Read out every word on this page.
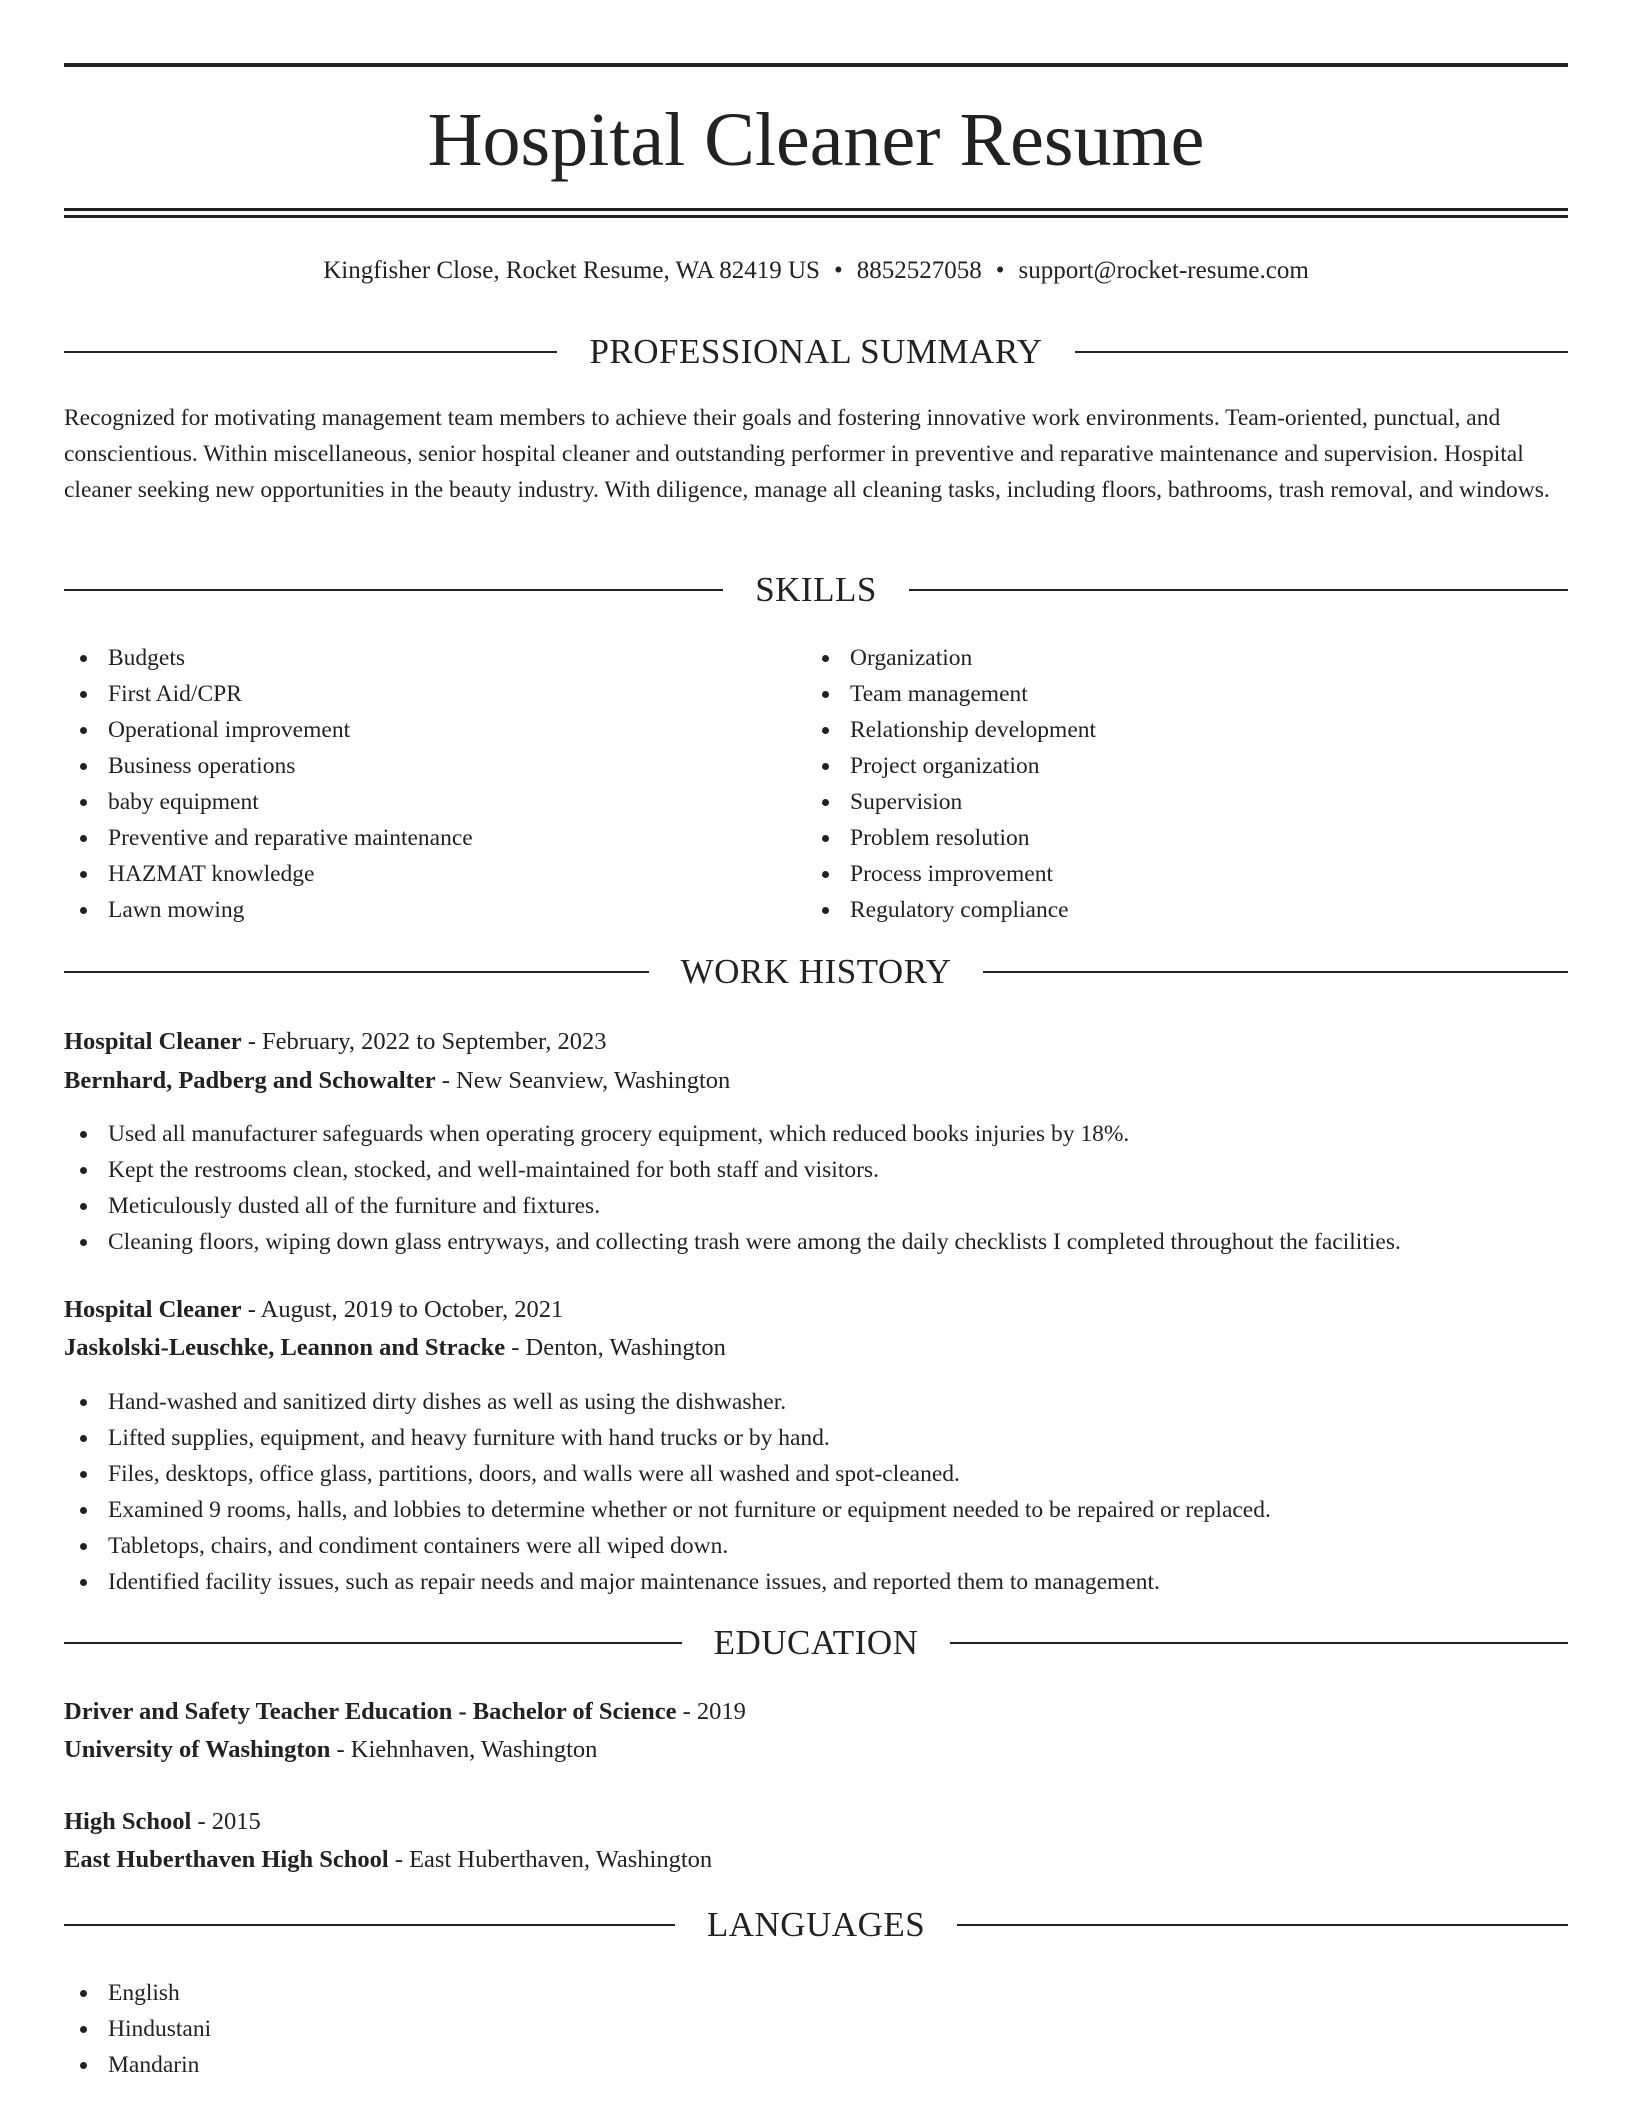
Hospital Cleaner Resume
Kingfisher Close, Rocket Resume, WA 82419 US • 8852527058 • support@rocket-resume.com
PROFESSIONAL SUMMARY

Recognized for motivating management team members to achieve their goals and fostering innovative work environments. Team-oriented, punctual, and conscientious. Within miscellaneous, senior hospital cleaner and outstanding performer in preventive and reparative maintenance and supervision. Hospital cleaner seeking new opportunities in the beauty industry. With diligence, manage all cleaning tasks, including floors, bathrooms, trash removal, and windows.

SKILLS
Budgets
First Aid/CPR
Operational improvement
Business operations
baby equipment
Preventive and reparative maintenance
HAZMAT knowledge
Lawn mowing
Organization
Team management
Relationship development
Project organization
Supervision
Problem resolution
Process improvement
Regulatory compliance
WORK HISTORY
Hospital Cleaner - February, 2022 to September, 2023
Bernhard, Padberg and Schowalter - New Seanview, Washington
Used all manufacturer safeguards when operating grocery equipment, which reduced books injuries by 18%.
Kept the restrooms clean, stocked, and well-maintained for both staff and visitors.
Meticulously dusted all of the furniture and fixtures.
Cleaning floors, wiping down glass entryways, and collecting trash were among the daily checklists I completed throughout the facilities.
Hospital Cleaner - August, 2019 to October, 2021
Jaskolski-Leuschke, Leannon and Stracke - Denton, Washington
Hand-washed and sanitized dirty dishes as well as using the dishwasher.
Lifted supplies, equipment, and heavy furniture with hand trucks or by hand.
Files, desktops, office glass, partitions, doors, and walls were all washed and spot-cleaned.
Examined 9 rooms, halls, and lobbies to determine whether or not furniture or equipment needed to be repaired or replaced.
Tabletops, chairs, and condiment containers were all wiped down.
Identified facility issues, such as repair needs and major maintenance issues, and reported them to management.
EDUCATION
Driver and Safety Teacher Education - Bachelor of Science - 2019
University of Washington - Kiehnhaven, Washington
High School - 2015
East Huberthaven High School - East Huberthaven, Washington
LANGUAGES
English
Hindustani
Mandarin
